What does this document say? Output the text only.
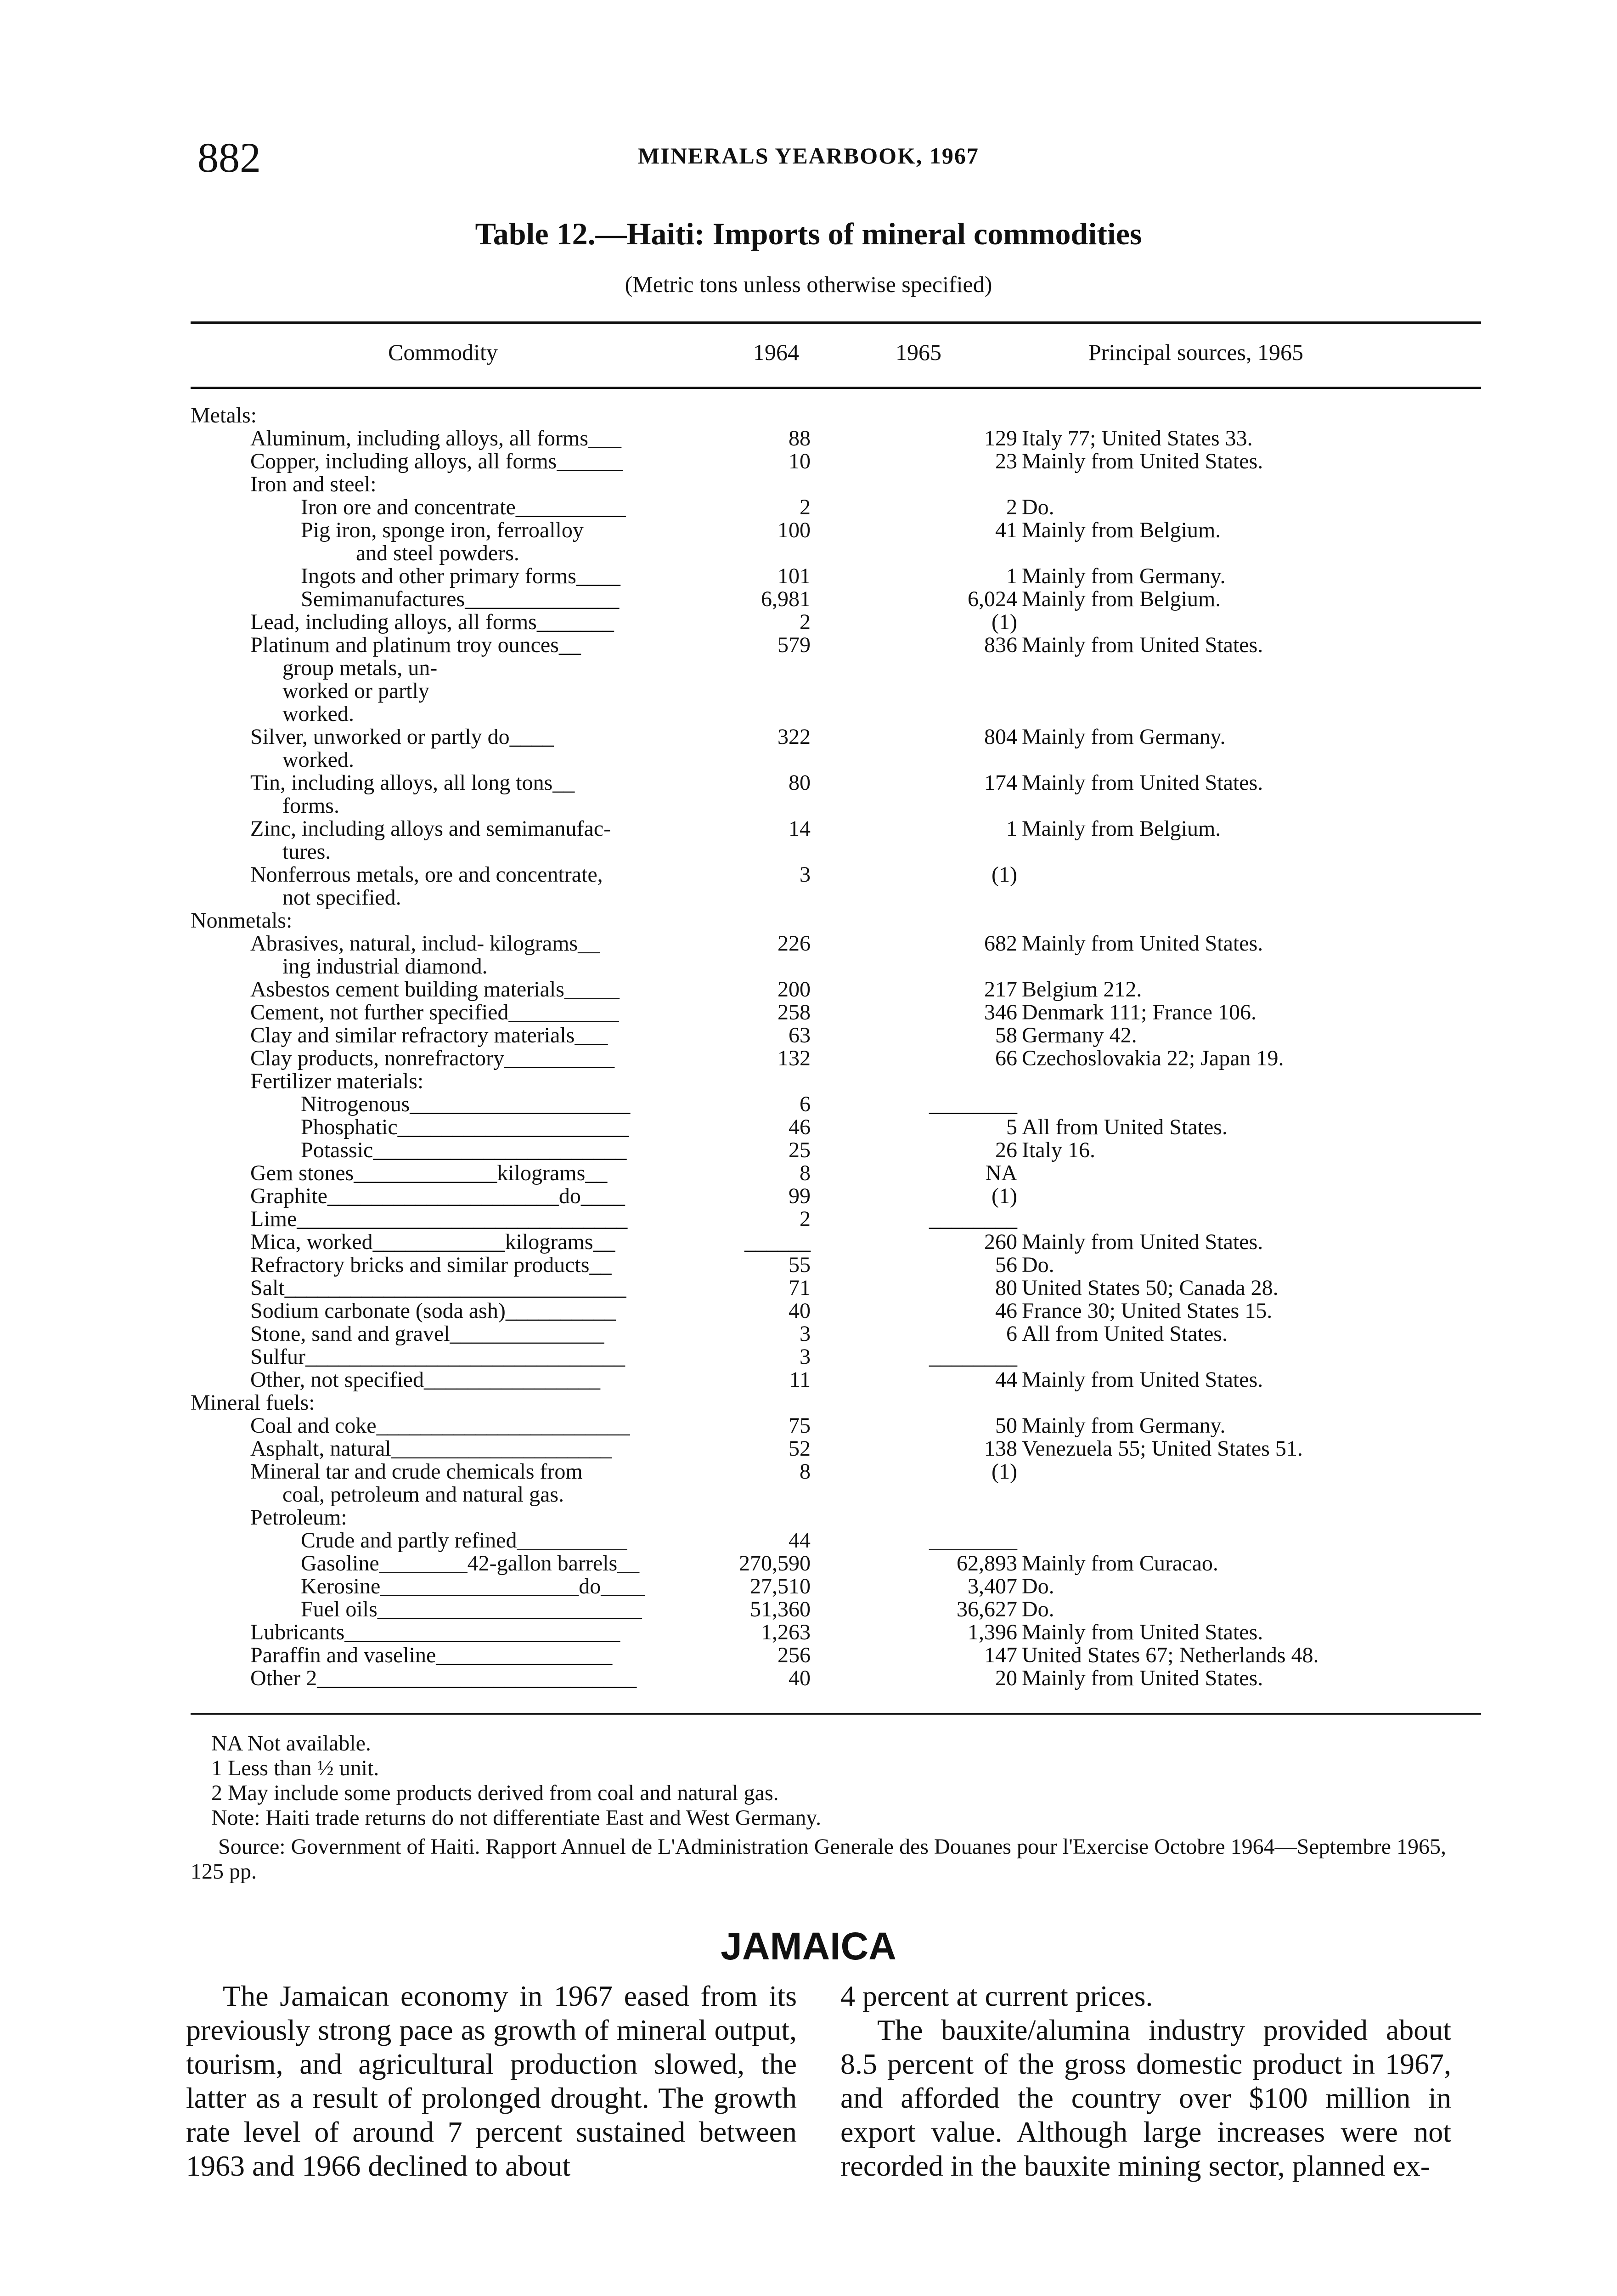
882	MINERALS YEARBOOK, 1967
Table 12.—Haiti: Imports of mineral commodities
(Metric tons unless otherwise specified)
Commodity	1964	1965	Principal sources, 1965
Metals:
Aluminum, including alloys, all forms___	88	129 Italy 77; United States 33.
Copper, including alloys, all forms______	10	23 Mainly from United States.
Iron and steel:
Iron ore and concentrate__________	2	2 Do.
Pig iron, sponge iron, ferroalloy	100	41 Mainly from Belgium.
and steel powders.
Ingots and other primary forms____	101	1 Mainly from Germany.
Semimanufactures______________	6,981	6,024 Mainly from Belgium.
Lead, including alloys, all forms_______	2	(1)
Platinum and platinum troy ounces__	579	836 Mainly from United States.
group metals, un-
worked or partly
worked.
Silver, unworked or partly do____	322	804 Mainly from Germany.
worked.
Tin, including alloys, all long tons__	80	174 Mainly from United States.
forms.
Zinc, including alloys and semimanufac-	14	1 Mainly from Belgium.
tures.
Nonferrous metals, ore and concentrate,	3	(1)
not specified.
Nonmetals:
Abrasives, natural, includ- kilograms__	226	682 Mainly from United States.
ing industrial diamond.
Asbestos cement building materials_____	200	217 Belgium 212.
Cement, not further specified__________	258	346 Denmark 111; France 106.
Clay and similar refractory materials___	63	58 Germany 42.
Clay products, nonrefractory__________	132	66 Czechoslovakia 22; Japan 19.
Fertilizer materials:
Nitrogenous____________________	6	________
Phosphatic_____________________	46	5 All from United States.
Potassic_______________________	25	26 Italy 16.
Gem stones_____________kilograms__	8	NA
Graphite_____________________do____	99	(1)
Lime______________________________	2	________
Mica, worked____________kilograms__	______	260 Mainly from United States.
Refractory bricks and similar products__	55	56 Do.
Salt_______________________________	71	80 United States 50; Canada 28.
Sodium carbonate (soda ash)__________	40	46 France 30; United States 15.
Stone, sand and gravel______________	3	6 All from United States.
Sulfur_____________________________	3	________
Other, not specified________________	11	44 Mainly from United States.
Mineral fuels:
Coal and coke_______________________	75	50 Mainly from Germany.
Asphalt, natural____________________	52	138 Venezuela 55; United States 51.
Mineral tar and crude chemicals from	8	(1)
coal, petroleum and natural gas.
Petroleum:
Crude and partly refined__________	44	________
Gasoline________42-gallon barrels__	270,590	62,893 Mainly from Curacao.
Kerosine__________________do____	27,510	3,407 Do.
Fuel oils________________________	51,360	36,627 Do.
Lubricants_________________________	1,263	1,396 Mainly from United States.
Paraffin and vaseline________________	256	147 United States 67; Netherlands 48.
Other 2_____________________________	40	20 Mainly from United States.
NA Not available.
1 Less than ½ unit.
2 May include some products derived from coal and natural gas.
Note: Haiti trade returns do not differentiate East and West Germany.
Source: Government of Haiti. Rapport Annuel de L'Administration Generale des Douanes pour l'Exercise Octobre 1964—Septembre 1965, 125 pp.
JAMAICA

The Jamaican economy in 1967 eased from its previously strong pace as growth of mineral output, tourism, and agricultural production slowed, the latter as a result of prolonged drought. The growth rate level of around 7 percent sustained between 1963 and 1966 declined to about

4 percent at current prices.

The bauxite/alumina industry provided about 8.5 percent of the gross domestic product in 1967, and afforded the country over $100 million in export value. Although large increases were not recorded in the bauxite mining sector, planned ex-
